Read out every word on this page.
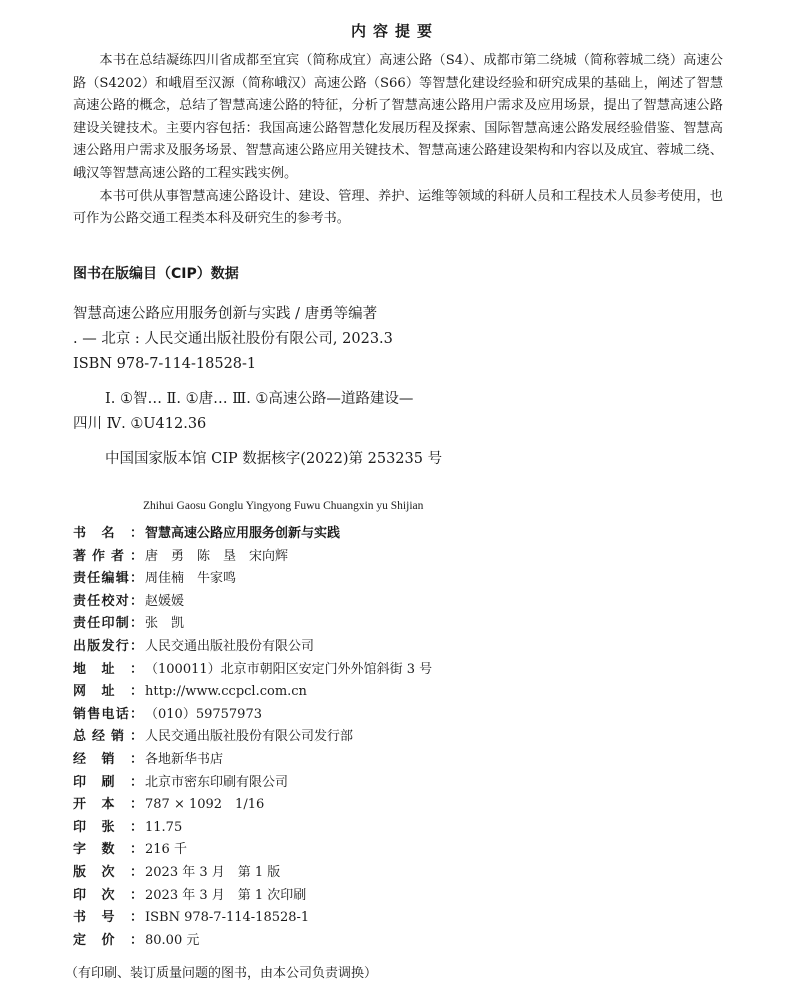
内容提要

本书在总结凝练四川省成都至宜宾（简称成宜）高速公路（S4）、成都市第二绕城（简称蓉城二绕）高速公路（S4202）和峨眉至汉源（简称峨汉）高速公路（S66）等智慧化建设经验和研究成果的基础上，阐述了智慧高速公路的概念，总结了智慧高速公路的特征，分析了智慧高速公路用户需求及应用场景，提出了智慧高速公路建设关键技术。主要内容包括：我国高速公路智慧化发展历程及探索、国际智慧高速公路发展经验借鉴、智慧高速公路用户需求及服务场景、智慧高速公路应用关键技术、智慧高速公路建设架构和内容以及成宜、蓉城二绕、峨汉等智慧高速公路的工程实践实例。

本书可供从事智慧高速公路设计、建设、管理、养护、运维等领域的科研人员和工程技术人员参考使用，也可作为公路交通工程类本科及研究生的参考书。

图书在版编目（CIP）数据
智慧高速公路应用服务创新与实践 / 唐勇等编著
. — 北京 : 人民交通出版社股份有限公司, 2023.3
ISBN 978-7-114-18528-1
Ⅰ. ①智… Ⅱ. ①唐… Ⅲ. ①高速公路—道路建设—
四川 Ⅳ. ①U412.36
中国国家版本馆 CIP 数据核字(2022)第 253235 号
Zhihui Gaosu Gonglu Yingyong Fuwu Chuangxin yu Shijian
书 名 ： 智慧高速公路应用服务创新与实践
著 作 者 ： 唐　勇　陈　垦　宋向辉
责 任 编 辑 ： 周佳楠　牛家鸣
责 任 校 对 ： 赵媛媛
责 任 印 制 ： 张　凯
出 版 发 行 ： 人民交通出版社股份有限公司
地 址 ： （100011）北京市朝阳区安定门外外馆斜街 3 号
网 址 ： http://www.ccpcl.com.cn
销 售 电 话 ： （010）59757973
总 经 销 ： 人民交通出版社股份有限公司发行部
经 销 ： 各地新华书店
印 刷 ： 北京市密东印刷有限公司
开 本 ： 787 × 1092　1/16
印 张 ： 11.75
字 数 ： 216 千
版 次 ： 2023 年 3 月　第 1 版
印 次 ： 2023 年 3 月　第 1 次印刷
书 号 ： ISBN 978-7-114-18528-1
定 价 ： 80.00 元
（有印刷、装订质量问题的图书，由本公司负责调换）
